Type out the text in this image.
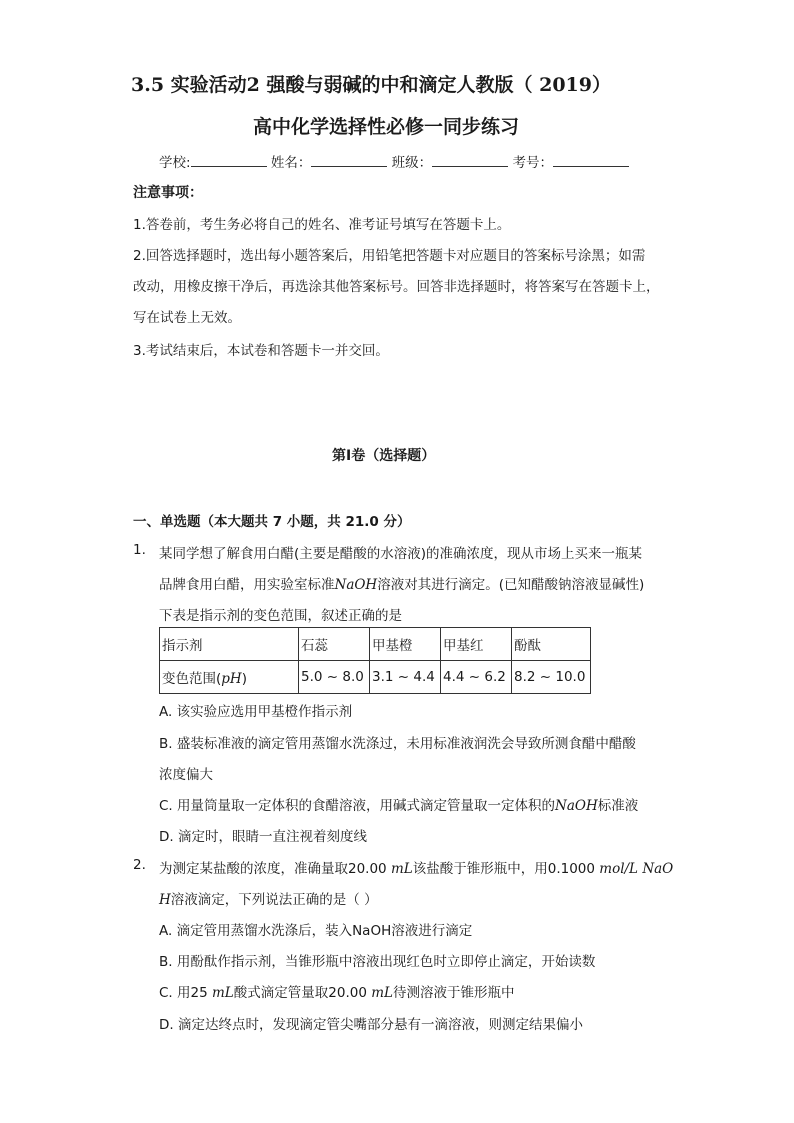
3.5 实验活动2 强酸与弱碱的中和滴定人教版（ 2019）
高中化学选择性必修一同步练习
学校:	姓名：	班级：	考号：
注意事项：
1.答卷前，考生务必将自己的姓名、准考证号填写在答题卡上。
2.回答选择题时，选出每小题答案后，用铅笔把答题卡对应题目的答案标号涂黑；如需
改动，用橡皮擦干净后，再选涂其他答案标号。回答非选择题时，将答案写在答题卡上，
写在试卷上无效。
3.考试结束后，本试卷和答题卡一并交回。
第I卷（选择题）
一、单选题（本大题共 7 小题，共 21.0 分）
1. 某同学想了解食用白醋(主要是醋酸的水溶液)的准确浓度，现从市场上买来一瓶某
品牌食用白醋，用实验室标准NaOH溶液对其进行滴定。(已知醋酸钠溶液显碱性)
下表是指示剂的变色范围，叙述正确的是
指示剂	石蕊	甲基橙	甲基红	酚酞
变色范围(pH)	5.0 ~ 8.0	3.1 ~ 4.4	4.4 ~ 6.2	8.2 ~ 10.0
A. 该实验应选用甲基橙作指示剂
B. 盛装标准液的滴定管用蒸馏水洗涤过，未用标准液润洗会导致所测食醋中醋酸
浓度偏大
C. 用量筒量取一定体积的食醋溶液，用碱式滴定管量取一定体积的NaOH标准液
D. 滴定时，眼睛一直注视着刻度线
2. 为测定某盐酸的浓度，准确量取20.00 mL该盐酸于锥形瓶中，用0.1000 mol/L NaO
H溶液滴定，下列说法正确的是（ ）
A. 滴定管用蒸馏水洗涤后，装入NaOH溶液进行滴定
B. 用酚酞作指示剂，当锥形瓶中溶液出现红色时立即停止滴定，开始读数
C. 用25 mL酸式滴定管量取20.00 mL待测溶液于锥形瓶中
D. 滴定达终点时，发现滴定管尖嘴部分悬有一滴溶液，则测定结果偏小
